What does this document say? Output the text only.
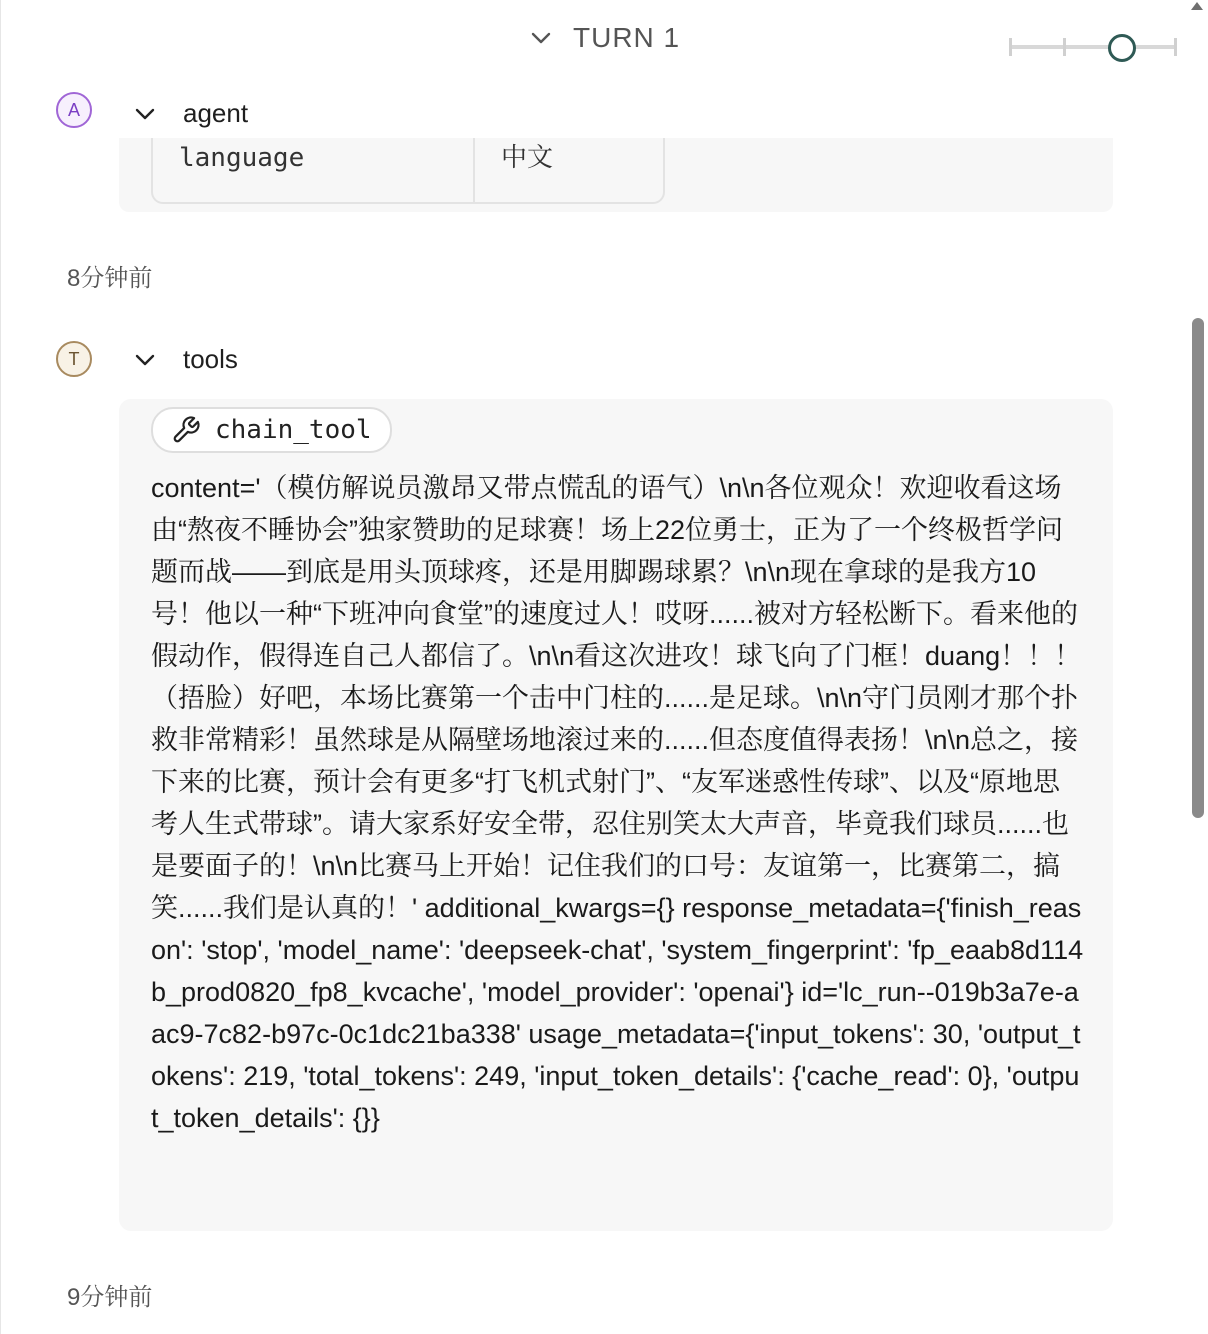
TURN 1
A	agent
language	中文
8分钟前
T	tools
chain_tool
content='（模仿解说员激昂又带点慌乱的语气）\n\n各位观众！欢迎收看这场由“熬夜不睡协会”独家赞助的足球赛！场上22位勇士，正为了一个终极哲学问题而战——到底是用头顶球疼，还是用脚踢球累？\n\n现在拿球的是我方10号！他以一种“下班冲向食堂”的速度过人！哎呀......被对方轻松断下。看来他的假动作，假得连自己人都信了。\n\n看这次进攻！球飞向了门框！duang！！！（捂脸）好吧，本场比赛第一个击中门柱的......是足球。\n\n守门员刚才那个扑救非常精彩！虽然球是从隔壁场地滚过来的......但态度值得表扬！\n\n总之，接下来的比赛，预计会有更多“打飞机式射门”、“友军迷惑性传球”、以及“原地思考人生式带球”。请大家系好安全带，忍住别笑太大声音，毕竟我们球员......也是要面子的！\n\n比赛马上开始！记住我们的口号：友谊第一，比赛第二，搞笑......我们是认真的！' additional_kwargs={} response_metadata={'finish_reason': 'stop', 'model_name': 'deepseek-chat', 'system_fingerprint': 'fp_eaab8d114b_prod0820_fp8_kvcache', 'model_provider': 'openai'} id='lc_run--019b3a7e-aac9-7c82-b97c-0c1dc21ba338' usage_metadata={'input_tokens': 30, 'output_tokens': 219, 'total_tokens': 249, 'input_token_details': {'cache_read': 0}, 'output_token_details': {}}
9分钟前
